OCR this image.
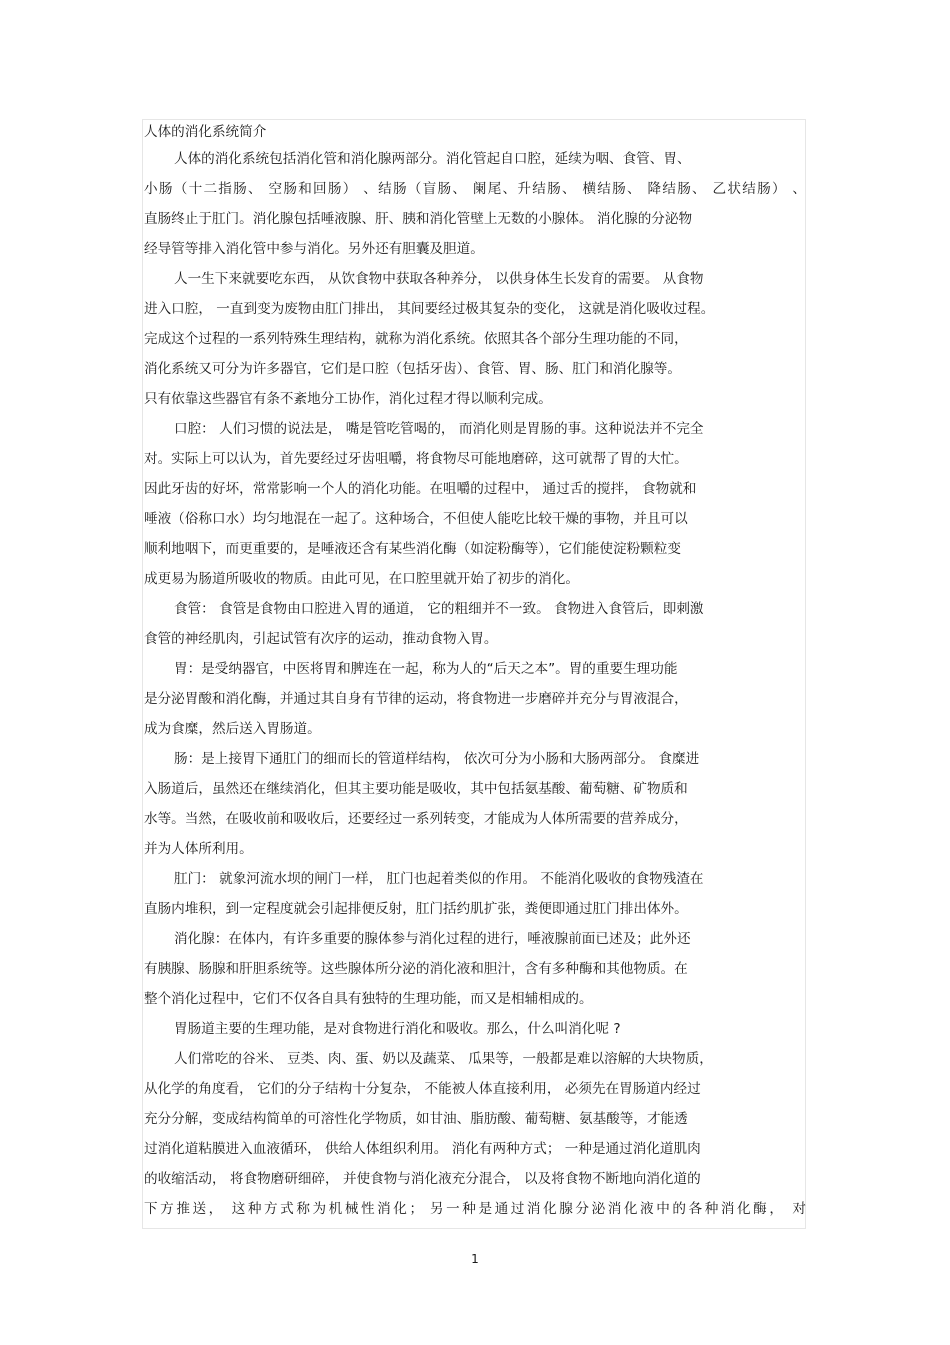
人体的消化系统简介
人体的消化系统包括消化管和消化腺两部分。消化管起自口腔，延续为咽、食管、胃、
小肠（十二指肠、 空肠和回肠） 、结肠（盲肠、 阑尾、升结肠、 横结肠、 降结肠、 乙状结肠） 、
直肠终止于肛门。消化腺包括唾液腺、肝、胰和消化管壁上无数的小腺体。 消化腺的分泌物
经导管等排入消化管中参与消化。另外还有胆囊及胆道。
人一生下来就要吃东西， 从饮食物中获取各种养分， 以供身体生长发育的需要。 从食物
进入口腔， 一直到变为废物由肛门排出， 其间要经过极其复杂的变化， 这就是消化吸收过程。
完成这个过程的一系列特殊生理结构，就称为消化系统。依照其各个部分生理功能的不同，
消化系统又可分为许多器官，它们是口腔（包括牙齿）、食管、胃、肠、肛门和消化腺等。
只有依靠这些器官有条不紊地分工协作，消化过程才得以顺利完成。
口腔： 人们习惯的说法是， 嘴是管吃管喝的， 而消化则是胃肠的事。这种说法并不完全
对。实际上可以认为，首先要经过牙齿咀嚼，将食物尽可能地磨碎，这可就帮了胃的大忙。
因此牙齿的好坏，常常影响一个人的消化功能。在咀嚼的过程中， 通过舌的搅拌， 食物就和
唾液（俗称口水）均匀地混在一起了。这种场合，不但使人能吃比较干燥的事物，并且可以
顺利地咽下，而更重要的，是唾液还含有某些消化酶（如淀粉酶等），它们能使淀粉颗粒变
成更易为肠道所吸收的物质。由此可见，在口腔里就开始了初步的消化。
食管： 食管是食物由口腔进入胃的通道， 它的粗细并不一致。 食物进入食管后，即刺激
食管的神经肌肉，引起试管有次序的运动，推动食物入胃。
胃：是受纳器官，中医将胃和脾连在一起，称为人的“后天之本”。胃的重要生理功能
是分泌胃酸和消化酶，并通过其自身有节律的运动，将食物进一步磨碎并充分与胃液混合，
成为食糜，然后送入胃肠道。
肠：是上接胃下通肛门的细而长的管道样结构， 依次可分为小肠和大肠两部分。 食糜进
入肠道后，虽然还在继续消化，但其主要功能是吸收，其中包括氨基酸、葡萄糖、矿物质和
水等。当然，在吸收前和吸收后，还要经过一系列转变，才能成为人体所需要的营养成分，
并为人体所利用。
肛门： 就象河流水坝的闸门一样， 肛门也起着类似的作用。 不能消化吸收的食物残渣在
直肠内堆积，到一定程度就会引起排便反射，肛门括约肌扩张，粪便即通过肛门排出体外。
消化腺：在体内，有许多重要的腺体参与消化过程的进行，唾液腺前面已述及；此外还
有胰腺、肠腺和肝胆系统等。这些腺体所分泌的消化液和胆汁，含有多种酶和其他物质。在
整个消化过程中，它们不仅各自具有独特的生理功能，而又是相辅相成的。
胃肠道主要的生理功能，是对食物进行消化和吸收。那么，什么叫消化呢 ?
人们常吃的谷米、 豆类、肉、蛋、奶以及蔬菜、 瓜果等，一般都是难以溶解的大块物质，
从化学的角度看， 它们的分子结构十分复杂， 不能被人体直接利用， 必须先在胃肠道内经过
充分分解，变成结构简单的可溶性化学物质，如甘油、脂肪酸、葡萄糖、氨基酸等，才能透
过消化道粘膜进入血液循环， 供给人体组织利用。 消化有两种方式； 一种是通过消化道肌肉
的收缩活动， 将食物磨研细碎， 并使食物与消化液充分混合， 以及将食物不断地向消化道的
下方推送， 这种方式称为机械性消化； 另一种是通过消化腺分泌消化液中的各种消化酶， 对
1
